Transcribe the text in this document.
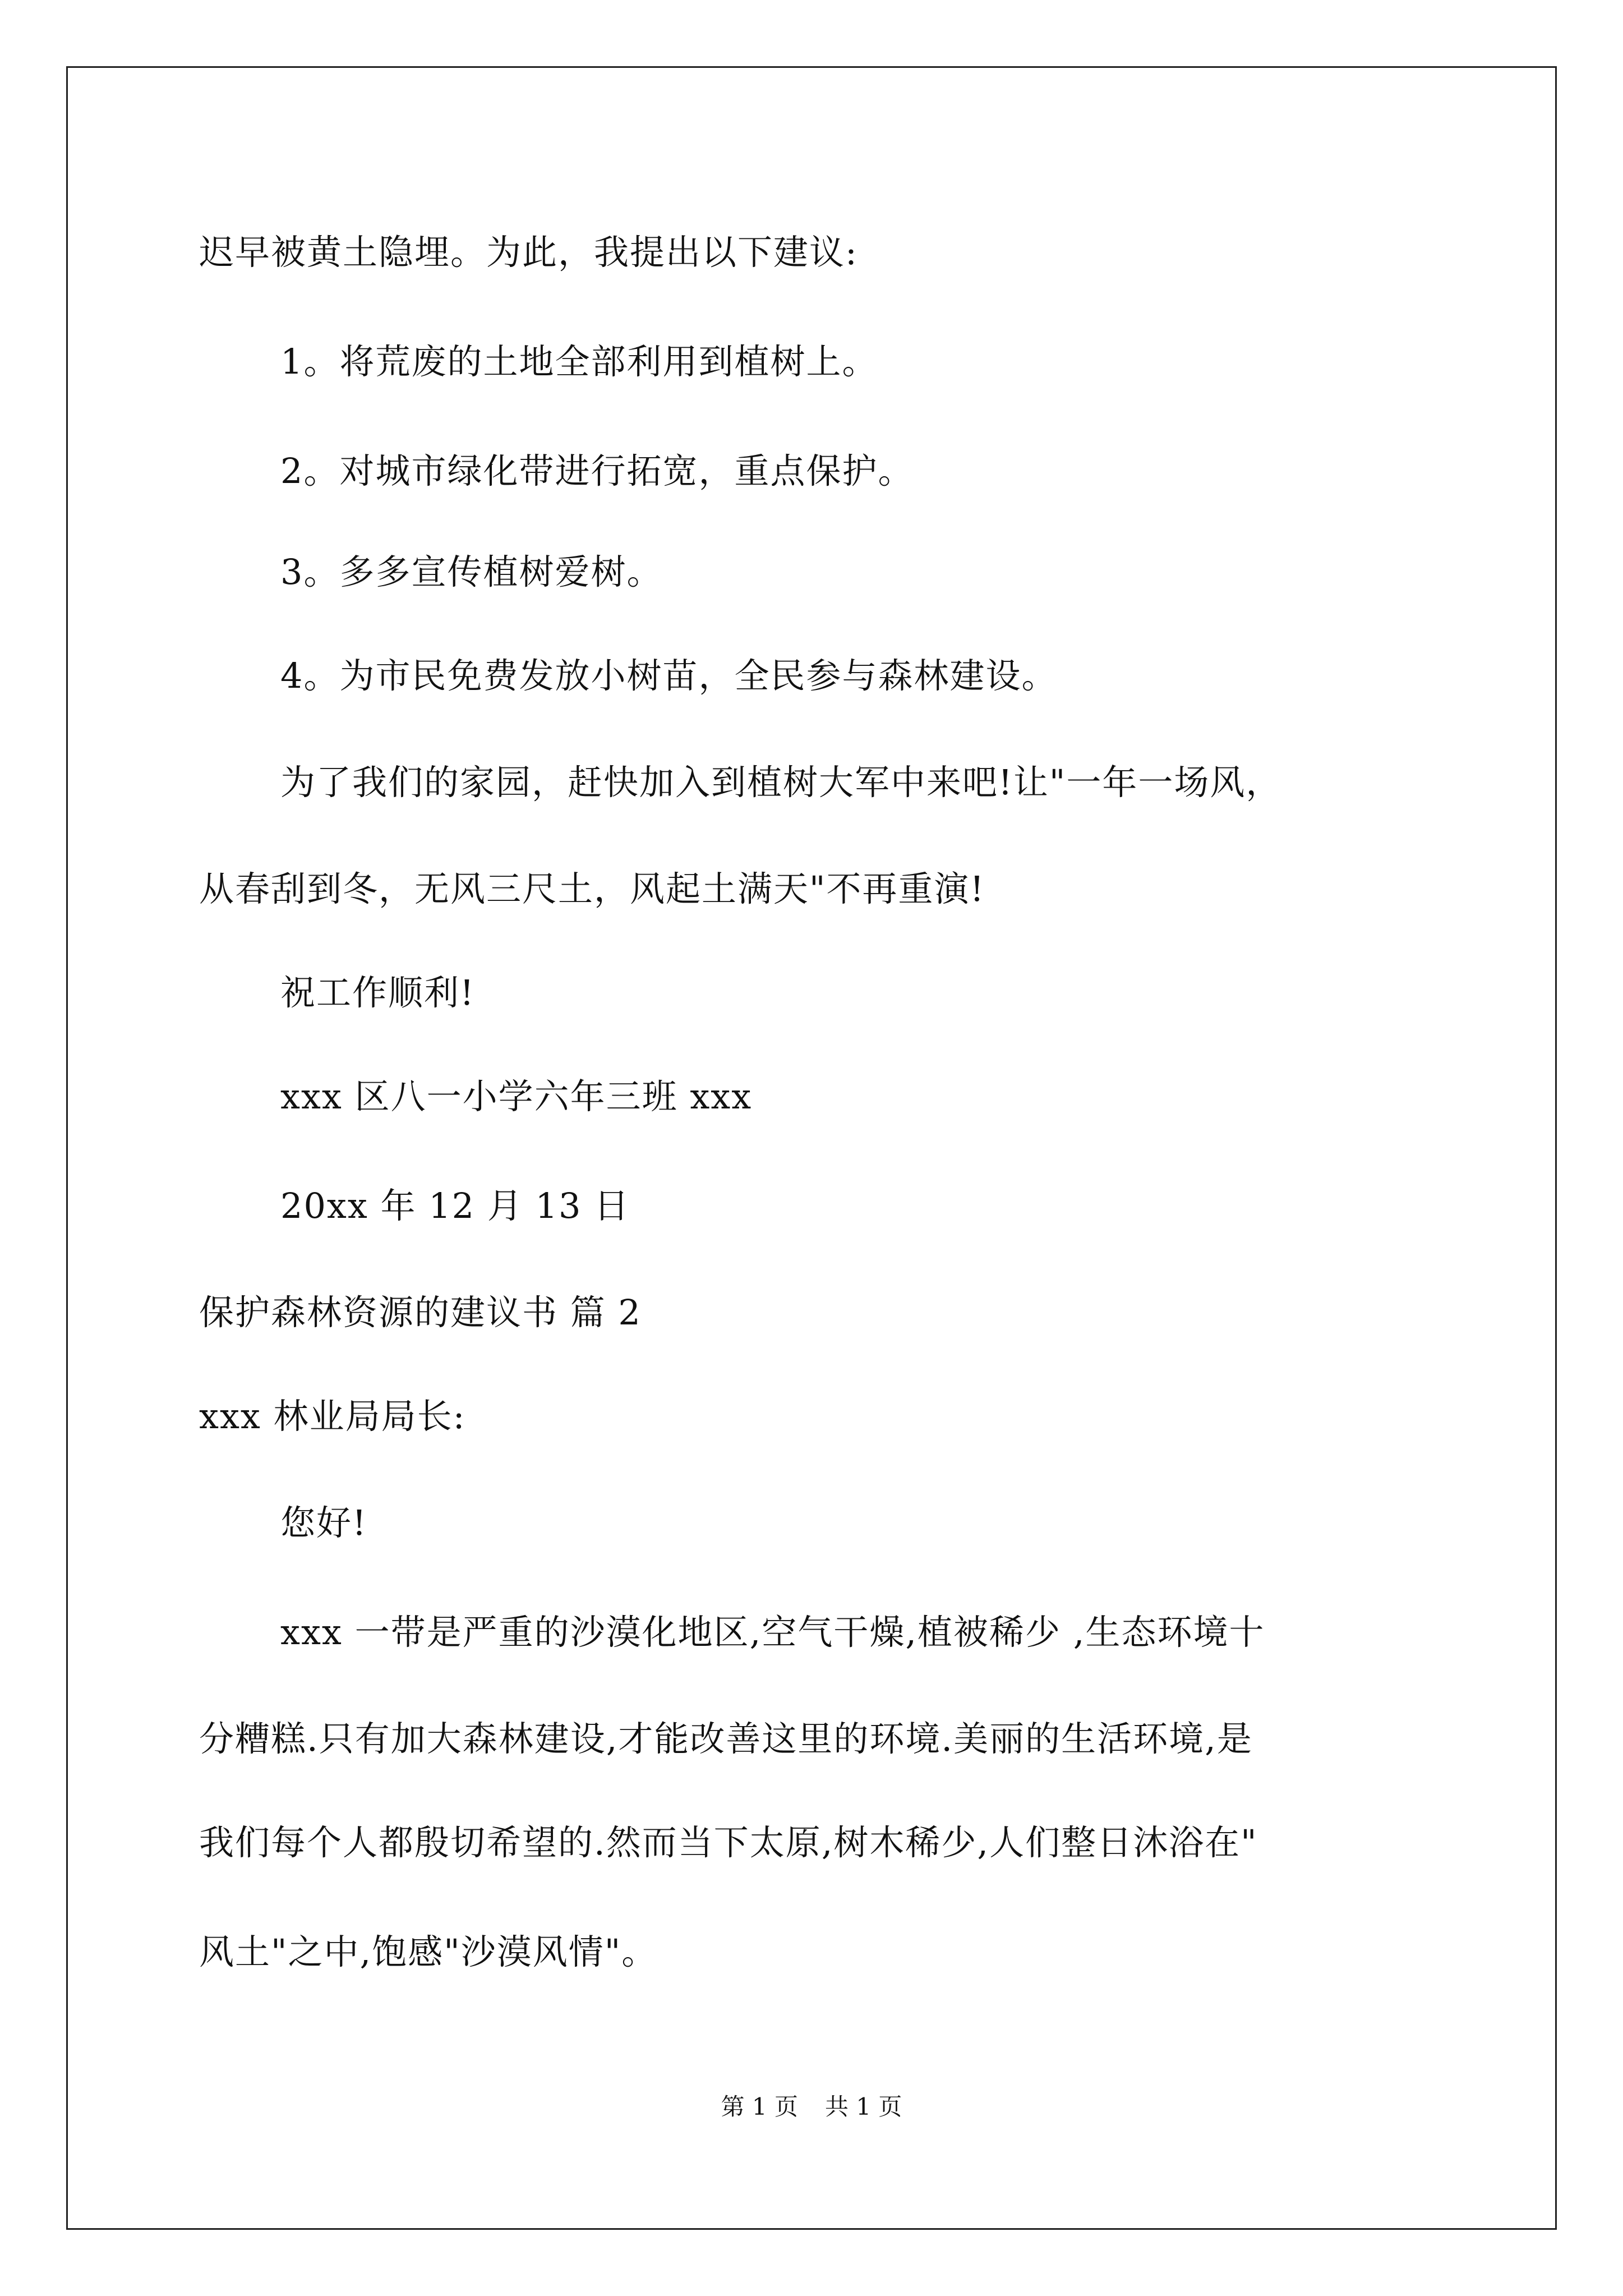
迟早被黄土隐埋。为此，我提出以下建议:
1。将荒废的土地全部利用到植树上。
2。对城市绿化带进行拓宽，重点保护。
3。多多宣传植树爱树。
4。为市民免费发放小树苗，全民参与森林建设。
为了我们的家园，赶快加入到植树大军中来吧!让"一年一场风，
从春刮到冬，无风三尺土，风起土满天"不再重演!
祝工作顺利!
xxx 区八一小学六年三班 xxx
20xx 年 12 月 13 日
保护森林资源的建议书 篇 2
xxx 林业局局长:
您好!
xxx 一带是严重的沙漠化地区,空气干燥,植被稀少 ,生态环境十
分糟糕.只有加大森林建设,才能改善这里的环境.美丽的生活环境,是
我们每个人都殷切希望的.然而当下太原,树木稀少,人们整日沐浴在"
风土"之中,饱感"沙漠风情"。
第 1 页 共 1 页
